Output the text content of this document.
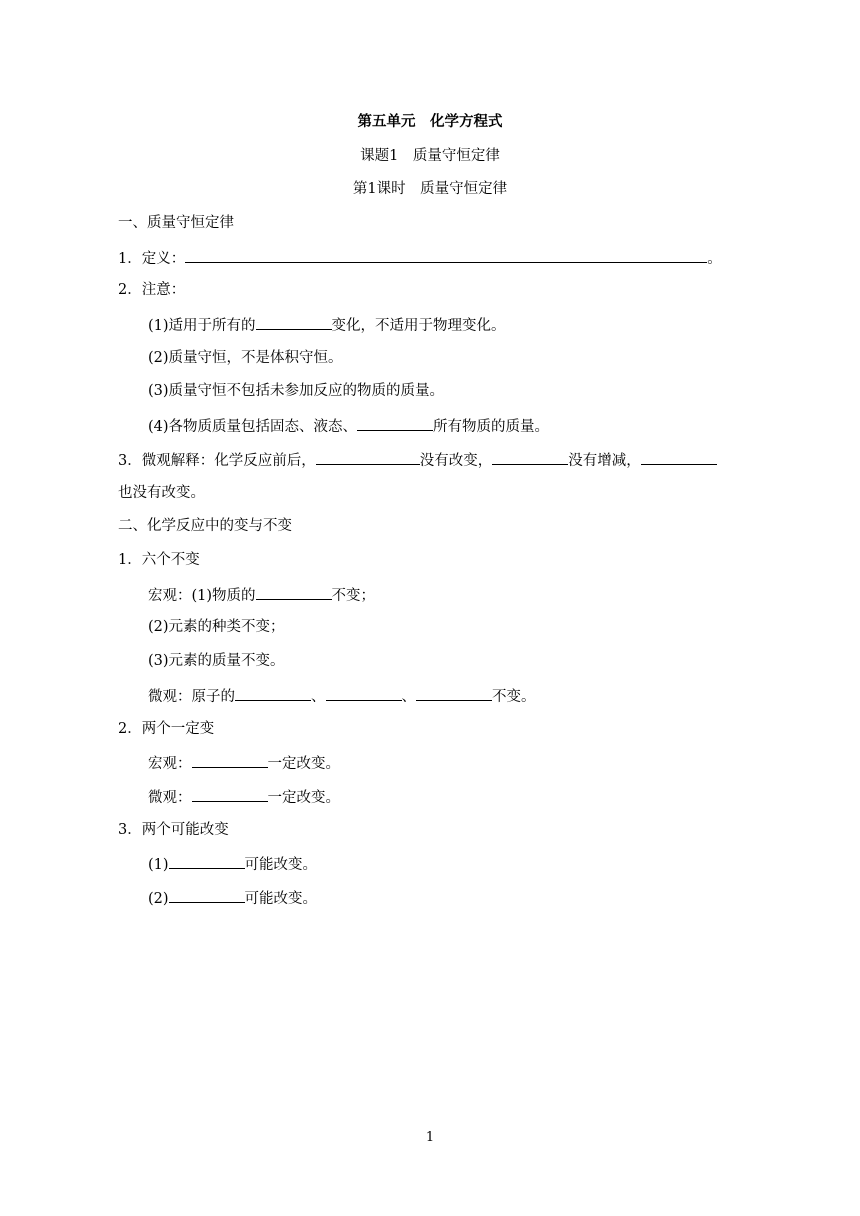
第五单元　化学方程式
课题1　质量守恒定律
第1课时　质量守恒定律
一、质量守恒定律
1．定义：	。
2．注意：
(1)适用于所有的	变化，不适用于物理变化。
(2)质量守恒，不是体积守恒。
(3)质量守恒不包括未参加反应的物质的质量。
(4)各物质质量包括固态、液态、	所有物质的质量。
3．微观解释：化学反应前后，	没有改变，	没有增减，
也没有改变。
二、化学反应中的变与不变
1．六个不变
宏观：(1)物质的	不变；
(2)元素的种类不变；
(3)元素的质量不变。
微观：原子的	、	、	不变。
2．两个一定变
宏观：	一定改变。
微观：	一定改变。
3．两个可能改变
(1)	可能改变。
(2)	可能改变。
1
